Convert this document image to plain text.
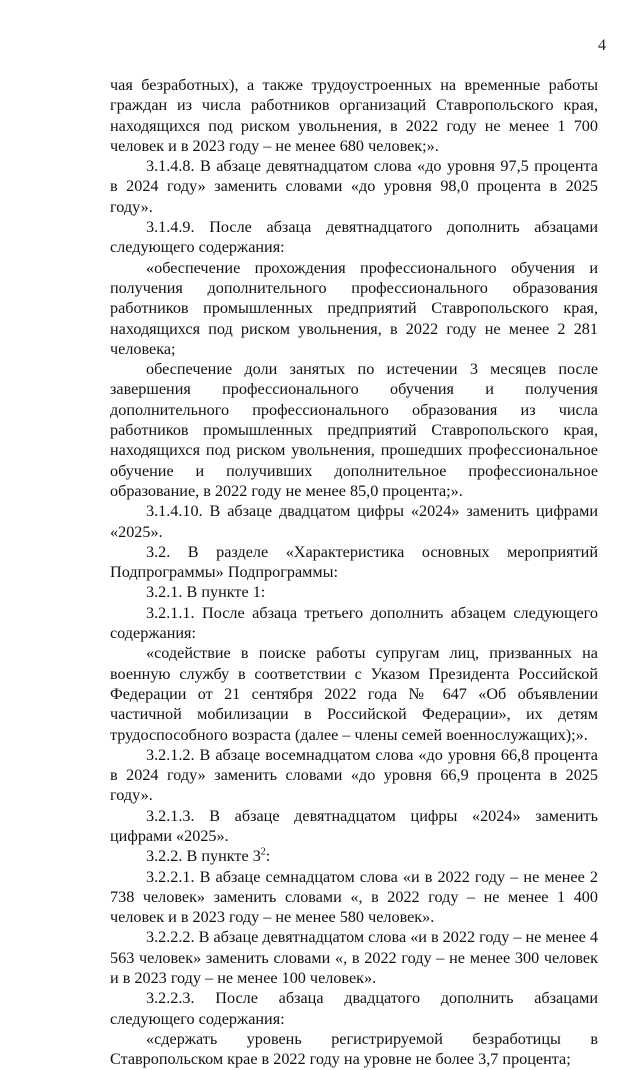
4

чая безработных), а также трудоустроенных на временные работы граждан из числа работников организаций Ставропольского края, находящихся под риском увольнения, в 2022 году не менее 1 700 человек и в 2023 году – не менее 680 человек;».

3.1.4.8. В абзаце девятнадцатом слова «до уровня 97,5 процента в 2024 году» заменить словами «до уровня 98,0 процента в 2025 году».

3.1.4.9. После абзаца девятнадцатого дополнить абзацами следующего содержания:

«обеспечение прохождения профессионального обучения и получения дополнительного профессионального образования работников промышленных предприятий Ставропольского края, находящихся под риском увольнения, в 2022 году не менее 2 281 человека;

обеспечение доли занятых по истечении 3 месяцев после завершения профессионального обучения и получения дополнительного профессионального образования из числа работников промышленных предприятий Ставропольского края, находящихся под риском увольнения, прошедших профессиональное обучение и получивших дополнительное профессиональное образование, в 2022 году не менее 85,0 процента;».

3.1.4.10. В абзаце двадцатом цифры «2024» заменить цифрами «2025».

3.2. В разделе «Характеристика основных мероприятий Подпрограммы» Подпрограммы:

3.2.1. В пункте 1:

3.2.1.1. После абзаца третьего дополнить абзацем следующего содержания:

«содействие в поиске работы супругам лиц, призванных на военную службу в соответствии с Указом Президента Российской Федерации от 21 сентября 2022 года № 647 «Об объявлении частичной мобилизации в Российской Федерации», их детям трудоспособного возраста (далее – члены семей военнослужащих);».

3.2.1.2. В абзаце восемнадцатом слова «до уровня 66,8 процента в 2024 году» заменить словами «до уровня 66,9 процента в 2025 году».

3.2.1.3. В абзаце девятнадцатом цифры «2024» заменить цифрами «2025».

3.2.2. В пункте $3^2$:

3.2.2.1. В абзаце семнадцатом слова «и в 2022 году – не менее 2 738 человек» заменить словами «, в 2022 году – не менее 1 400 человек и в 2023 году – не менее 580 человек».

3.2.2.2. В абзаце девятнадцатом слова «и в 2022 году – не менее 4 563 человек» заменить словами «, в 2022 году – не менее 300 человек и в 2023 году – не менее 100 человек».

3.2.2.3. После абзаца двадцатого дополнить абзацами следующего содержания:

«сдержать уровень регистрируемой безработицы в Ставропольском крае в 2022 году на уровне не более 3,7 процента;
